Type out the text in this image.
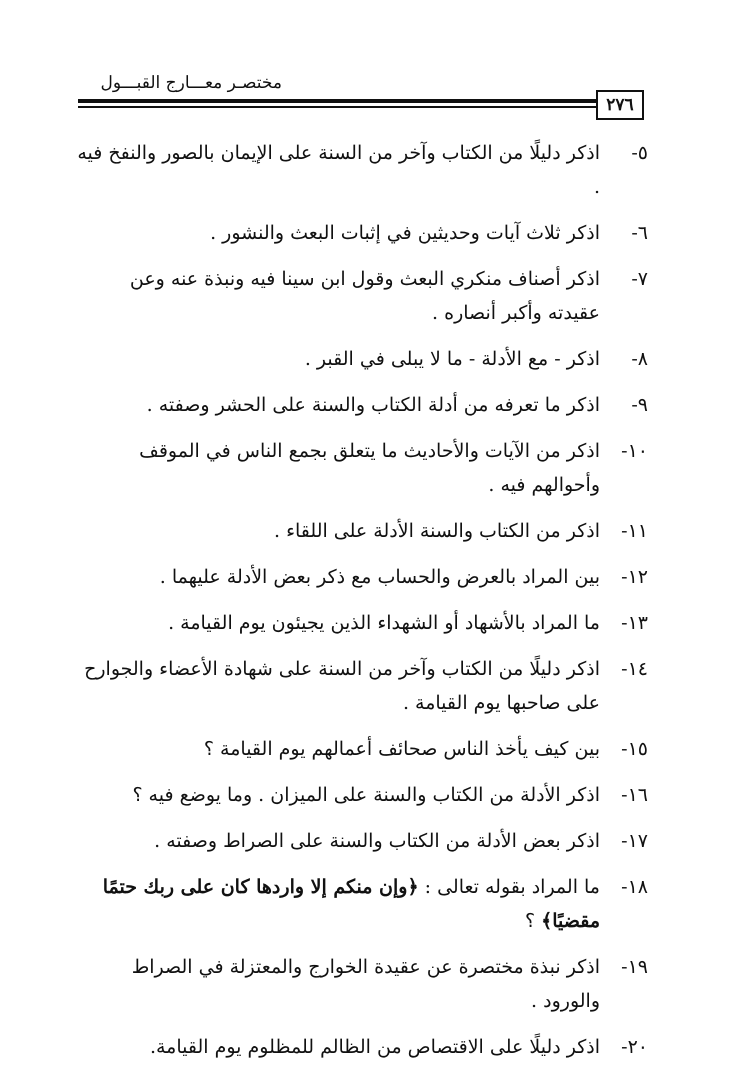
مختصـر معـــارج القبـــول
٢٧٦
٥-
اذكر دليلًا من الكتاب وآخر من السنة على الإيمان بالصور والنفخ فيه .
٦-
اذكر ثلاث آيات وحديثين في إثبات البعث والنشور .
٧-
اذكر أصناف منكري البعث وقول ابن سينا فيه ونبذة عنه وعن عقيدته وأكبر أنصاره .
٨-
اذكر - مع الأدلة - ما لا يبلى في القبر .
٩-
اذكر ما تعرفه من أدلة الكتاب والسنة على الحشر وصفته .
١٠-
اذكر من الآيات والأحاديث ما يتعلق بجمع الناس في الموقف وأحوالهم فيه .
١١-
اذكر من الكتاب والسنة الأدلة على اللقاء .
١٢-
بين المراد بالعرض والحساب مع ذكر بعض الأدلة عليهما .
١٣-
ما المراد بالأشهاد أو الشهداء الذين يجيئون يوم القيامة .
١٤-
اذكر دليلًا من الكتاب وآخر من السنة على شهادة الأعضاء والجوارح على صاحبها يوم القيامة .
١٥-
بين كيف يأخذ الناس صحائف أعمالهم يوم القيامة ؟
١٦-
اذكر الأدلة من الكتاب والسنة على الميزان . وما يوضع فيه ؟
١٧-
اذكر بعض الأدلة من الكتاب والسنة على الصراط وصفته .
١٨-
ما المراد بقوله تعالى : ﴿وإن منكم إلا واردها كان على ربك حتمًا مقضيًا﴾ ؟
١٩-
اذكر نبذة مختصرة عن عقيدة الخوارج والمعتزلة في الصراط والورود .
٢٠-
اذكر دليلًا على الاقتصاص من الظالم للمظلوم يوم القيامة.
